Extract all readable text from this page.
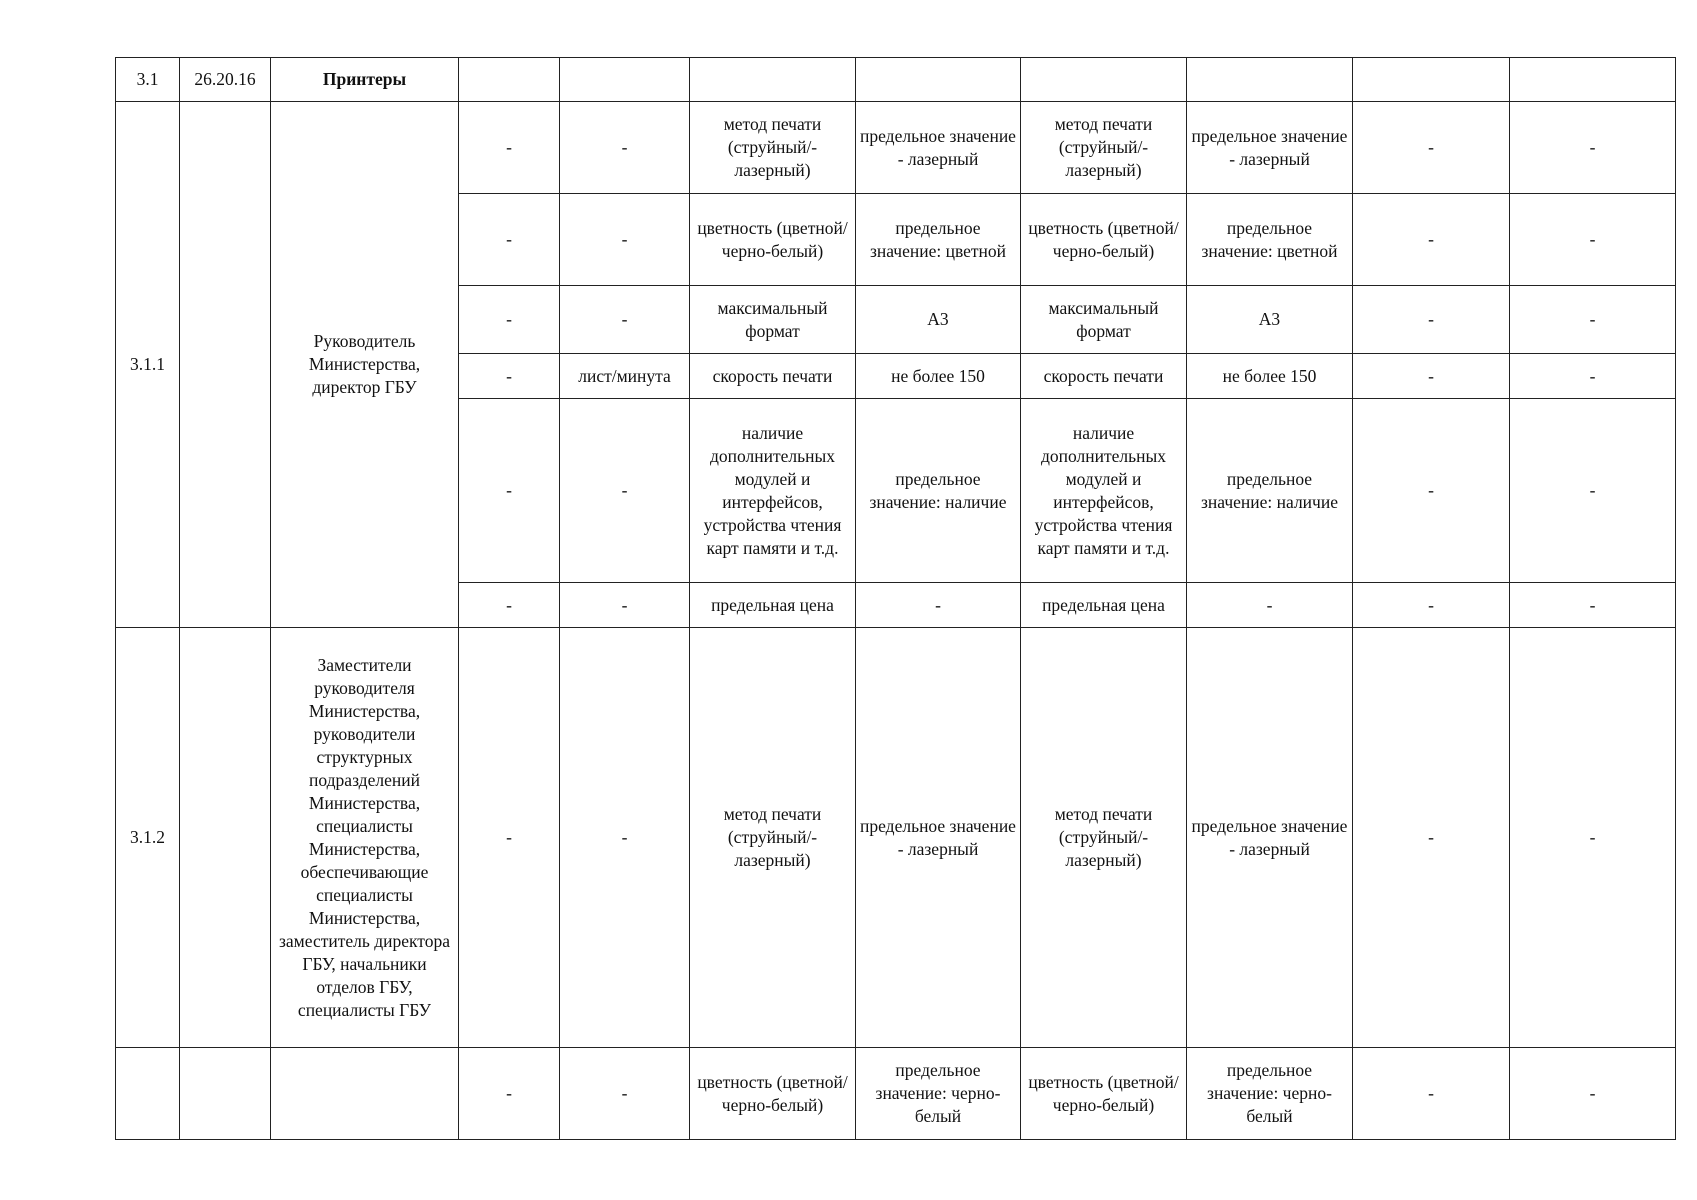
3.1	26.20.16	Принтеры								
3.1.1		Руководитель Министерства, директор ГБУ	-	-	метод печати (струйный/-лазерный)	предельное значение - лазерный	метод печати (струйный/-лазерный)	предельное значение - лазерный	-	-
			-	-	цветность (цветной/черно-белый)	предельное значение: цветной	цветность (цветной/черно-белый)	предельное значение: цветной	-	-
			-	-	максимальный формат	А3	максимальный формат	А3	-	-
			-	лист/минута	скорость печати	не более 150	скорость печати	не более 150	-	-
			-	-	наличие дополнительных модулей и интерфейсов, устройства чтения карт памяти и т.д.	предельное значение: наличие	наличие дополнительных модулей и интерфейсов, устройства чтения карт памяти и т.д.	предельное значение: наличие	-	-
			-	-	предельная цена	-	предельная цена	-	-	-
3.1.2		Заместители руководителя Министерства, руководители структурных подразделений Министерства, специалисты Министерства, обеспечивающие специалисты Министерства, заместитель директора ГБУ, начальники отделов ГБУ, специалисты ГБУ	-	-	метод печати (струйный/-лазерный)	предельное значение - лазерный	метод печати (струйный/-лазерный)	предельное значение - лазерный	-	-
			-	-	цветность (цветной/черно-белый)	предельное значение: черно-белый	цветность (цветной/черно-белый)	предельное значение: черно-белый	-	-
